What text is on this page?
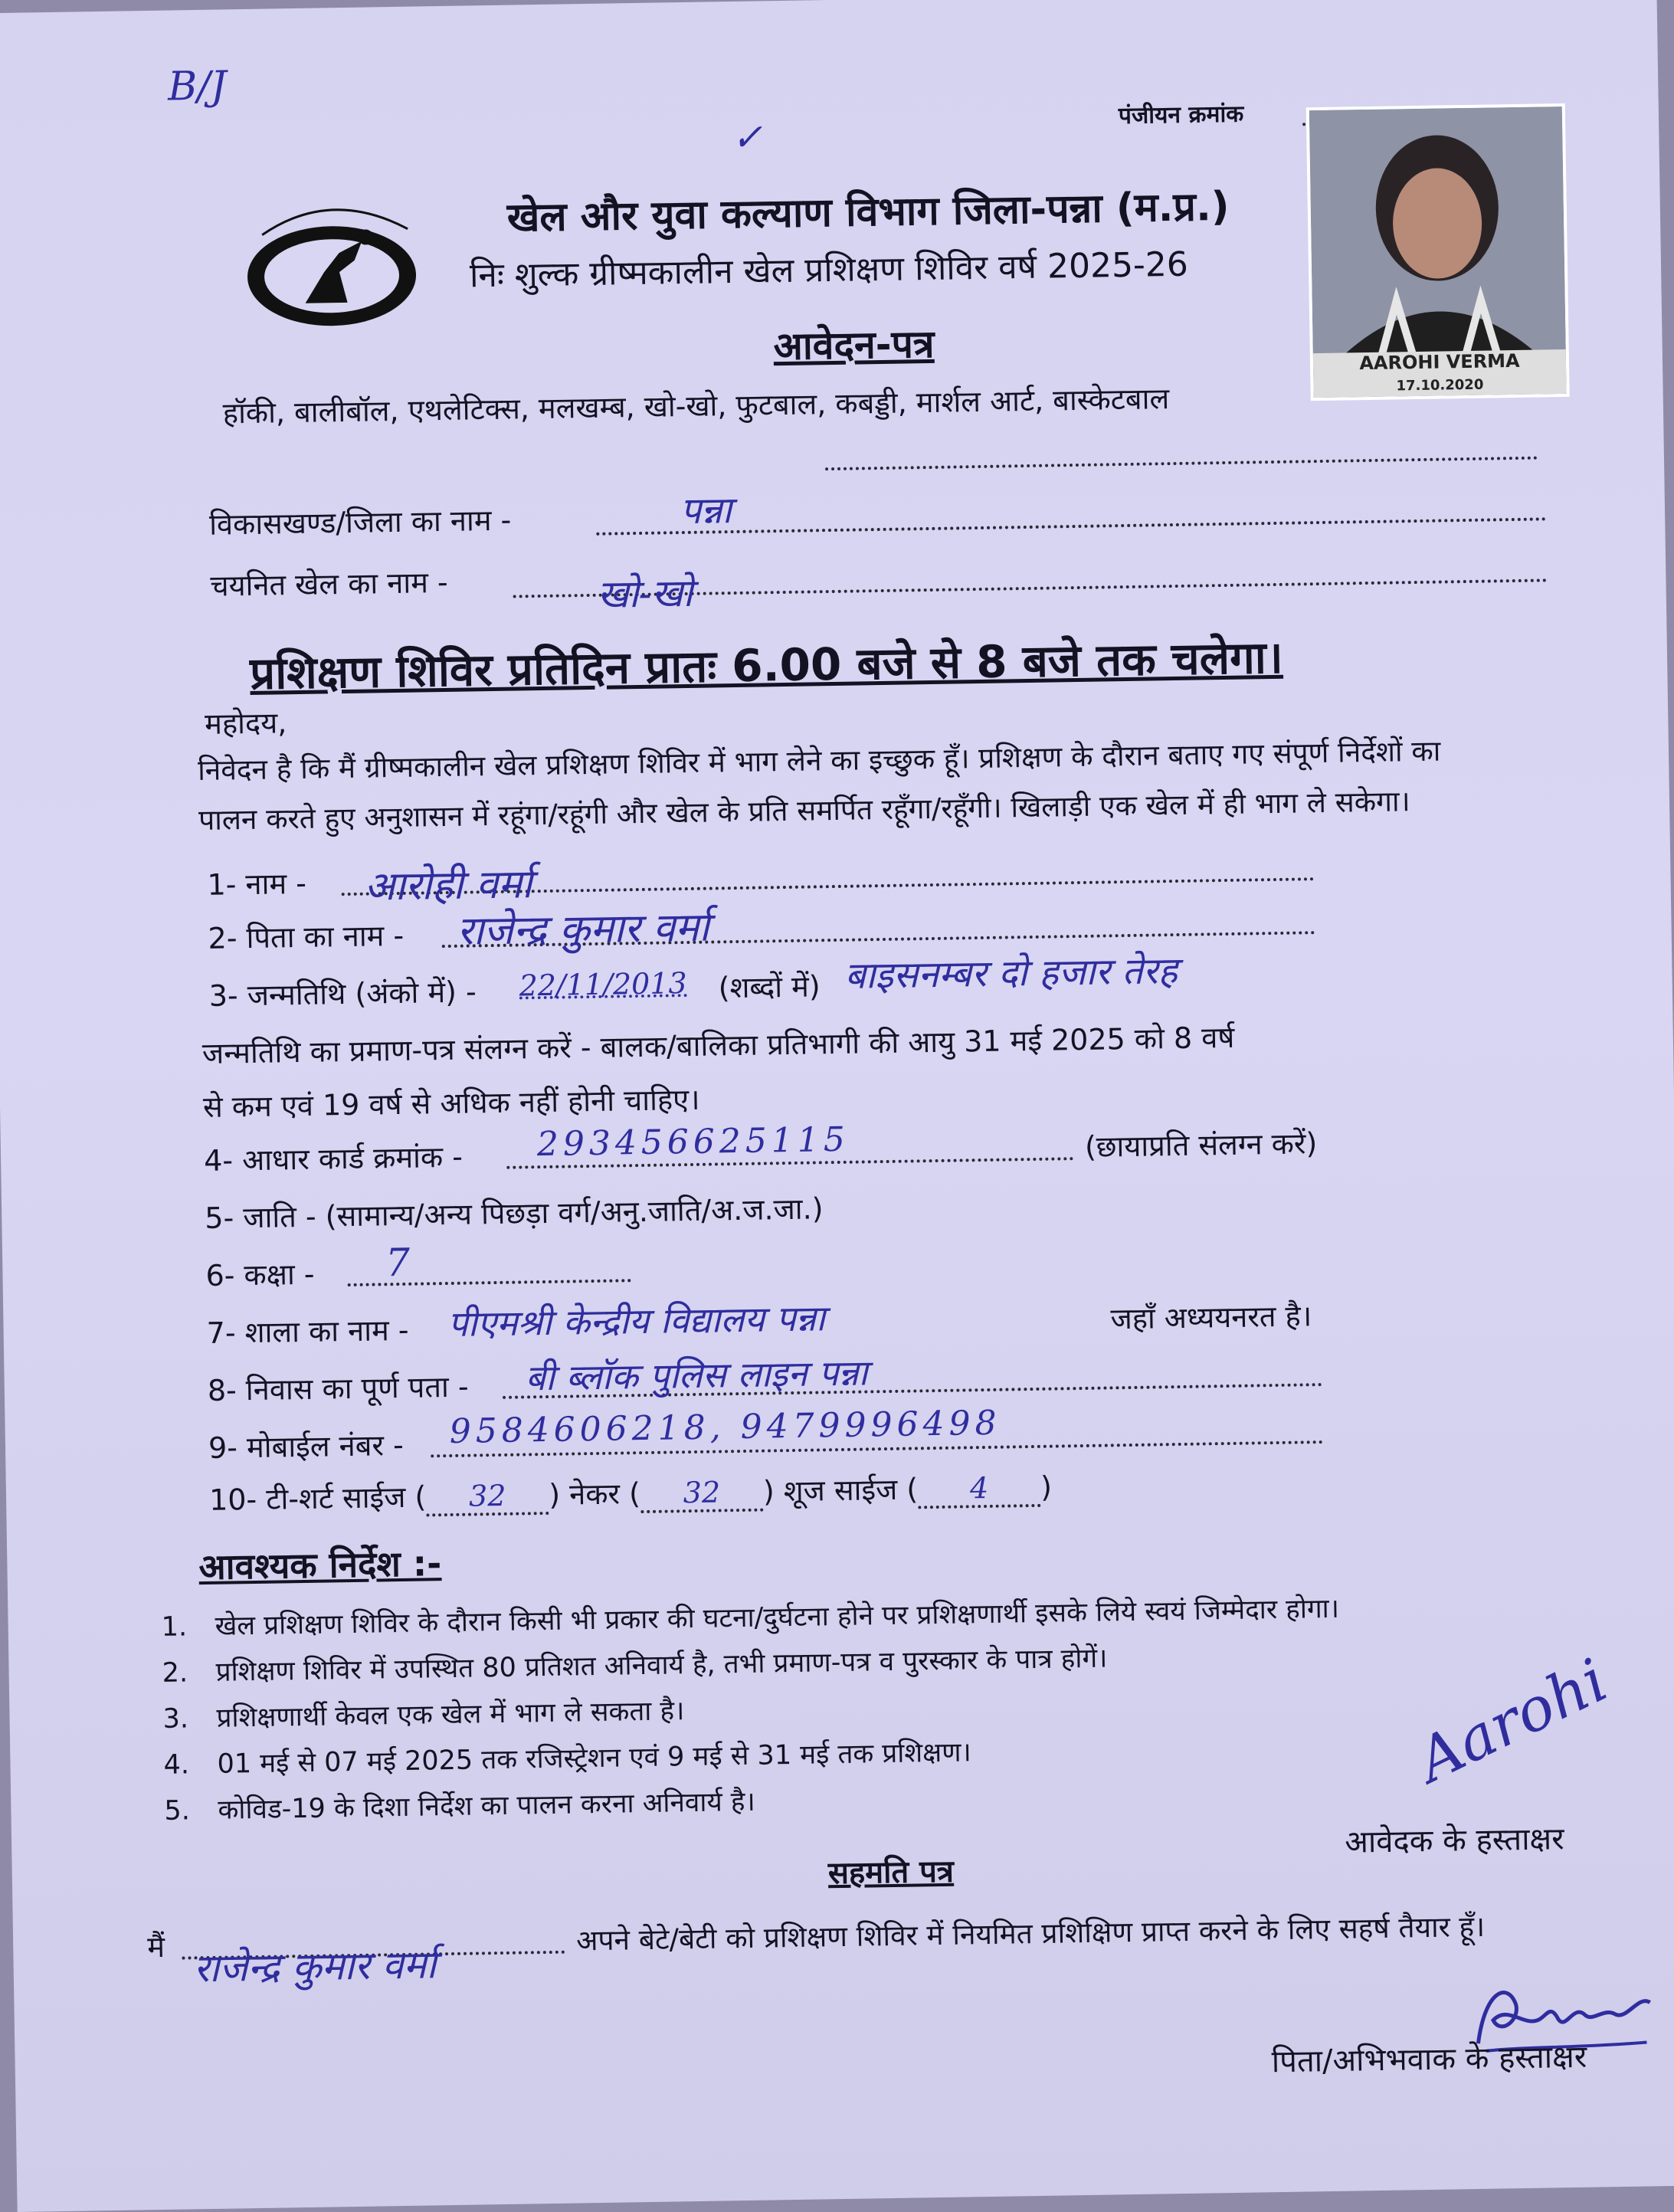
B/J
✓
पंजीयन क्रमांक
खेल और युवा कल्याण विभाग जिला-पन्ना (म.प्र.)
निः शुल्क ग्रीष्मकालीन खेल प्रशिक्षण शिविर वर्ष 2025-26
आवेदन-पत्र
हॉकी, बालीबॉल, एथलेटिक्स, मलखम्ब, खो-खो, फुटबाल, कबड्डी, मार्शल आर्ट, बास्केटबाल
AAROHI VERMA
17.10.2020
विकासखण्ड/जिला का नाम -	पन्ना
चयनित खेल का नाम -	खो-खो
प्रशिक्षण शिविर प्रतिदिन प्रातः 6.00 बजे से 8 बजे तक चलेगा।
महोदय,
निवेदन है कि मैं ग्रीष्मकालीन खेल प्रशिक्षण शिविर में भाग लेने का इच्छुक हूँ। प्रशिक्षण के दौरान बताए गए संपूर्ण निर्देशों का
पालन करते हुए अनुशासन में रहूंगा/रहूंगी और खेल के प्रति समर्पित रहूँगा/रहूँगी। खिलाड़ी एक खेल में ही भाग ले सकेगा।
1- नाम - आरोही वर्मा
2- पिता का नाम - राजेन्द्र कुमार वर्मा
3- जन्मतिथि (अंको में) - 22/11/2013 (शब्दों में) बाइसनम्बर दो हजार तेरह
जन्मतिथि का प्रमाण-पत्र संलग्न करें - बालक/बालिका प्रतिभागी की आयु 31 मई 2025 को 8 वर्ष
से कम एवं 19 वर्ष से अधिक नहीं होनी चाहिए।
4- आधार कार्ड क्रमांक - 293456625115	(छायाप्रति संलग्न करें)
5- जाति - (सामान्य/अन्य पिछड़ा वर्ग/अनु.जाति/अ.ज.जा.)
6- कक्षा - 7
7- शाला का नाम - पीएमश्री केन्द्रीय विद्यालय पन्ना	जहाँ अध्ययनरत है।
8- निवास का पूर्ण पता - बी ब्लॉक पुलिस लाइन पन्ना
9- मोबाईल नंबर - 9584606218, 9479996498
10- टी-शर्ट साईज ( 32 ) नेकर ( 32 ) शूज साईज ( 4 )
आवश्यक निर्देश :-
1. खेल प्रशिक्षण शिविर के दौरान किसी भी प्रकार की घटना/दुर्घटना होने पर प्रशिक्षणार्थी इसके लिये स्वयं जिम्मेदार होगा।
2. प्रशिक्षण शिविर में उपस्थित 80 प्रतिशत अनिवार्य है, तभी प्रमाण-पत्र व पुरस्कार के पात्र होगें।
3. प्रशिक्षणार्थी केवल एक खेल में भाग ले सकता है।
4. 01 मई से 07 मई 2025 तक रजिस्ट्रेशन एवं 9 मई से 31 मई तक प्रशिक्षण।
5. कोविड-19 के दिशा निर्देश का पालन करना अनिवार्य है।
Aarohi
आवेदक के हस्ताक्षर
सहमति पत्र
मैं राजेन्द्र कुमार वर्मा
अपने बेटे/बेटी को प्रशिक्षण शिविर में नियमित प्रशिक्षिण प्राप्त करने के लिए सहर्ष तैयार हूँ।
पिता/अभिभवाक के हस्ताक्षर
